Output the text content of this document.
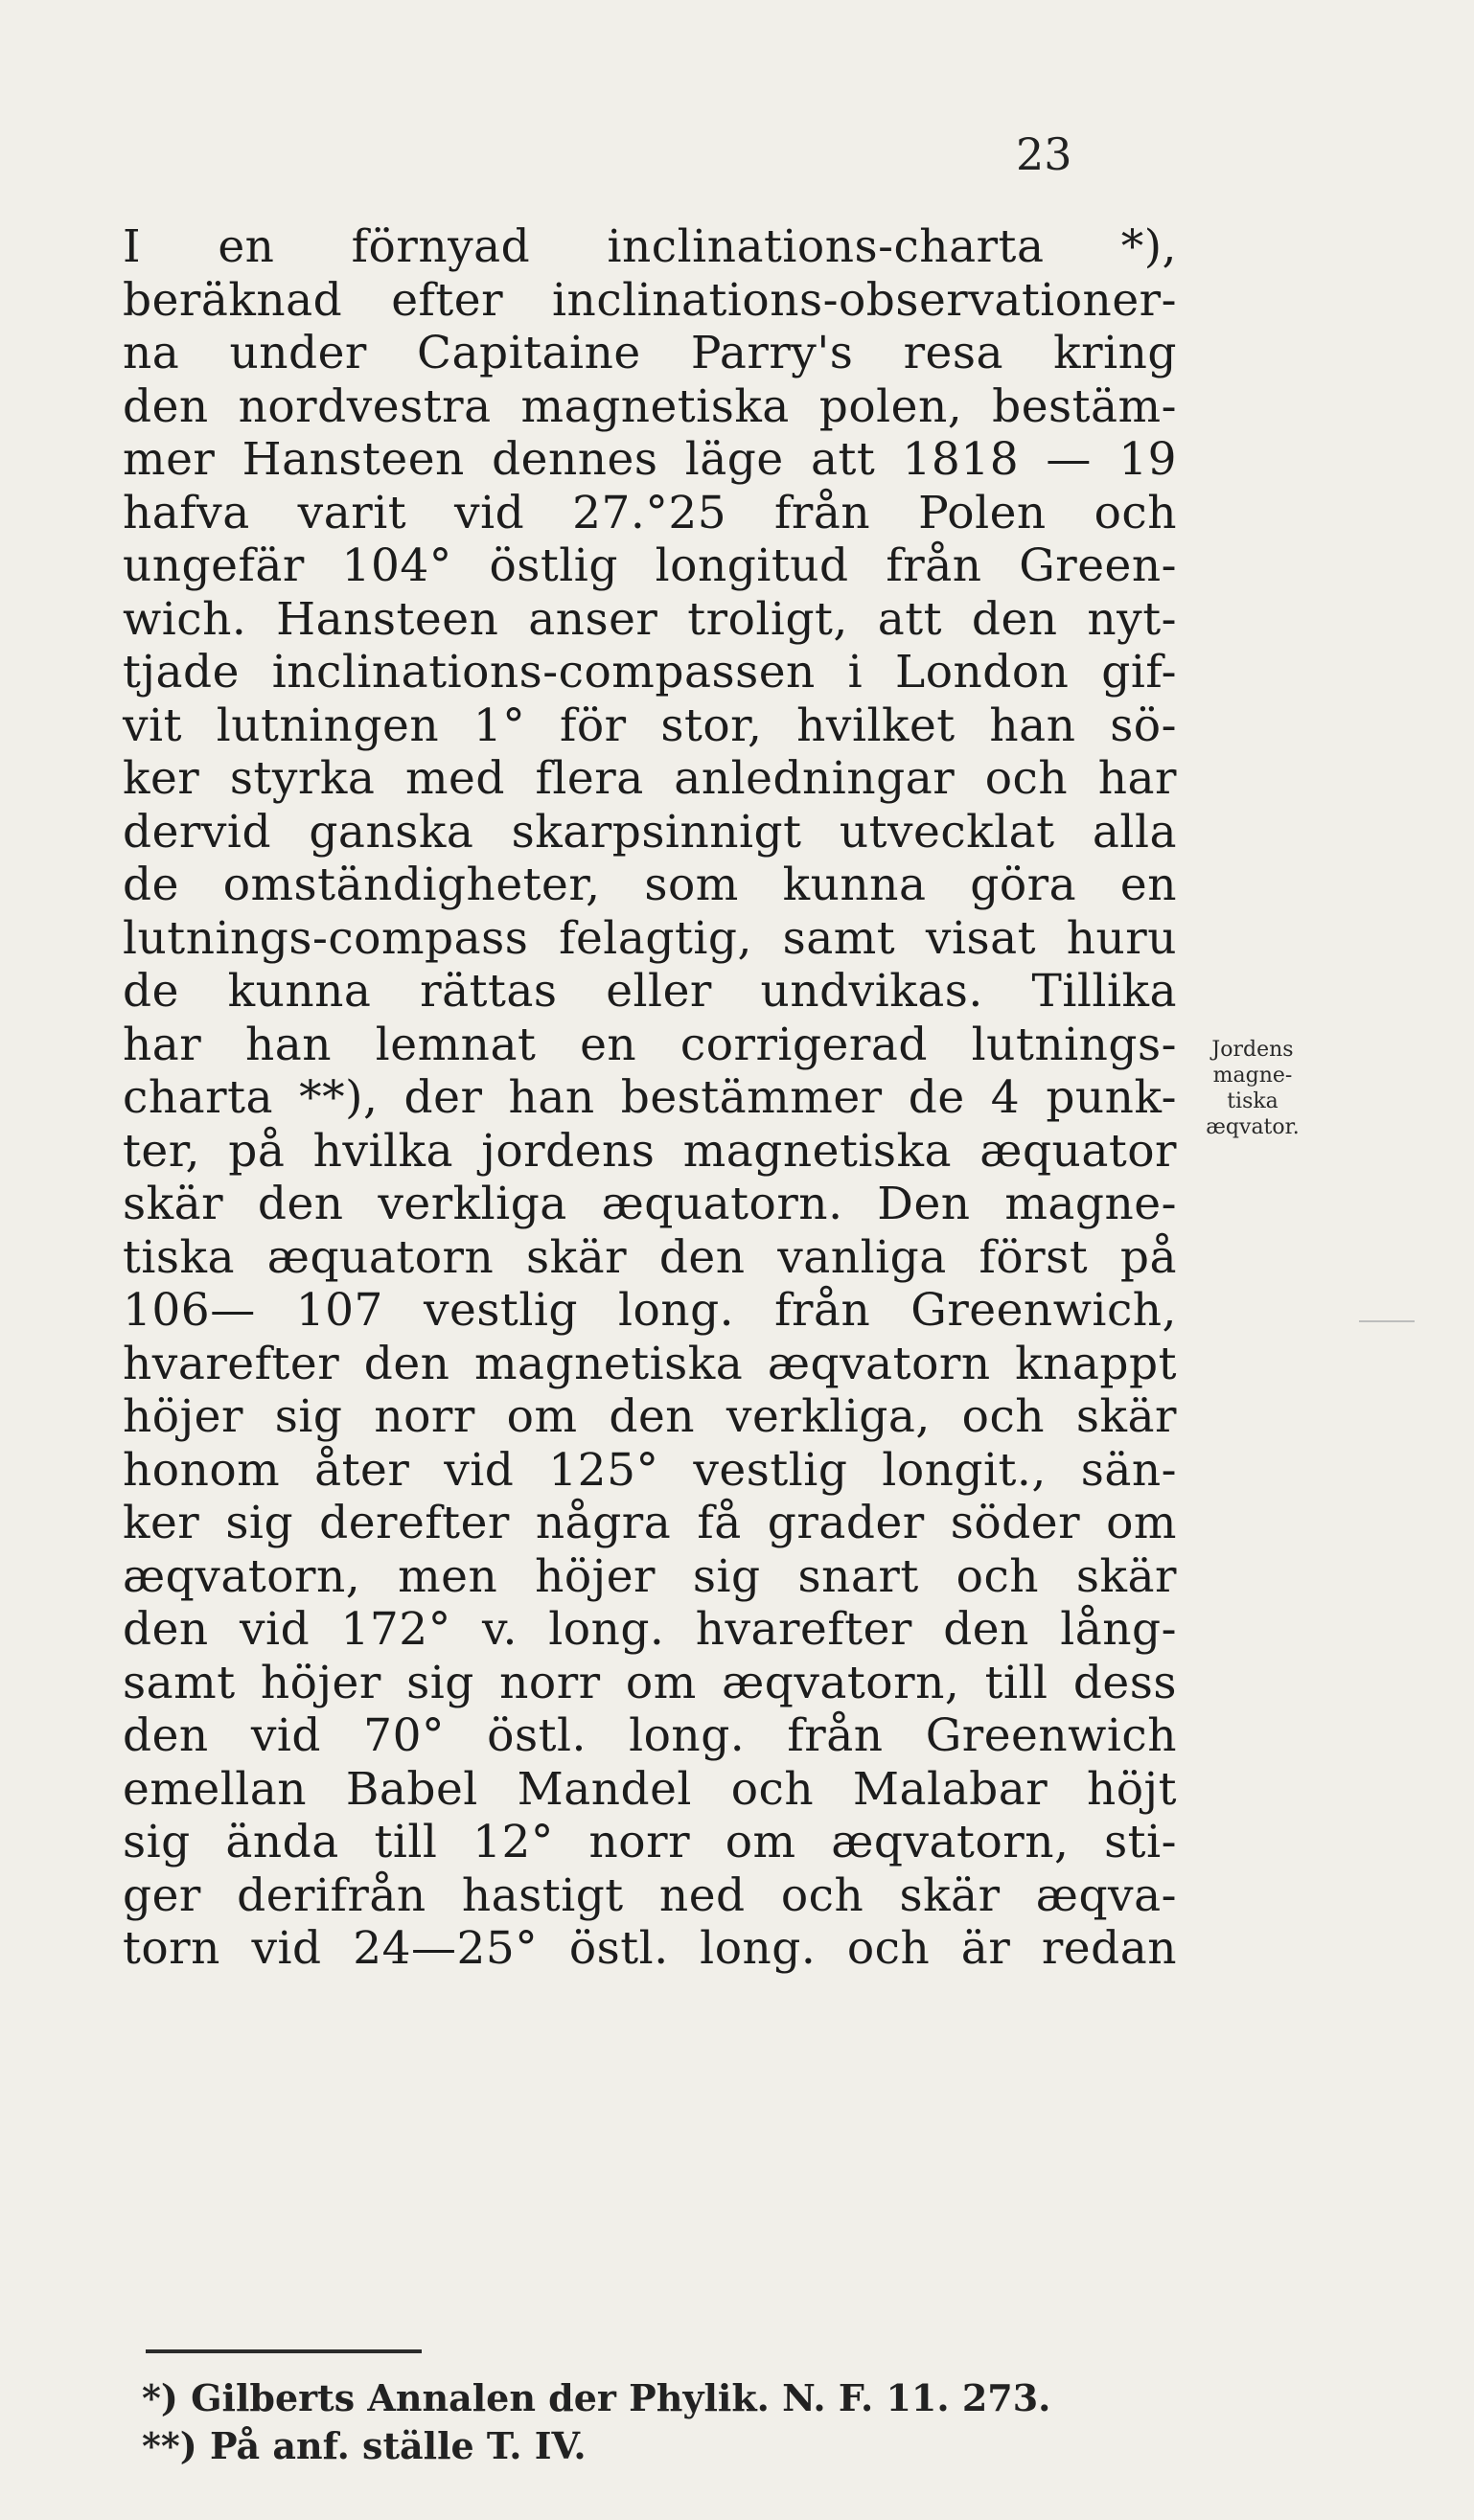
23
I en förnyad inclinations-charta *),
beräknad efter inclinations-observationer-
na under Capitaine Parry's resa kring
den nordvestra magnetiska polen, bestäm-
mer Hansteen dennes läge att 1818 — 19
hafva varit vid 27.°25 från Polen och
ungefär 104° östlig longitud från Green-
wich. Hansteen anser troligt, att den nyt-
tjade inclinations-compassen i London gif-
vit lutningen 1° för stor, hvilket han sö-
ker styrka med flera anledningar och har
dervid ganska skarpsinnigt utvecklat alla
de omständigheter, som kunna göra en
lutnings-compass felagtig, samt visat huru
de kunna rättas eller undvikas. Tillika
har han lemnat en corrigerad lutnings-
charta **), der han bestämmer de 4 punk-
ter, på hvilka jordens magnetiska æquator
skär den verkliga æquatorn. Den magne-
tiska æquatorn skär den vanliga först på
106— 107 vestlig long. från Greenwich,
hvarefter den magnetiska æqvatorn knappt
höjer sig norr om den verkliga, och skär
honom åter vid 125° vestlig longit., sän-
ker sig derefter några få grader söder om
æqvatorn, men höjer sig snart och skär
den vid 172° v. long. hvarefter den lång-
samt höjer sig norr om æqvatorn, till dess
den vid 70° östl. long. från Greenwich
emellan Babel Mandel och Malabar höjt
sig ända till 12° norr om æqvatorn, sti-
ger derifrån hastigt ned och skär æqva-
torn vid 24—25° östl. long. och är redan
Jordens
magne-
tiska
æqvator.
*) Gilberts Annalen der Phylik. N. F. 11. 273.
**) På anf. ställe T. IV.
